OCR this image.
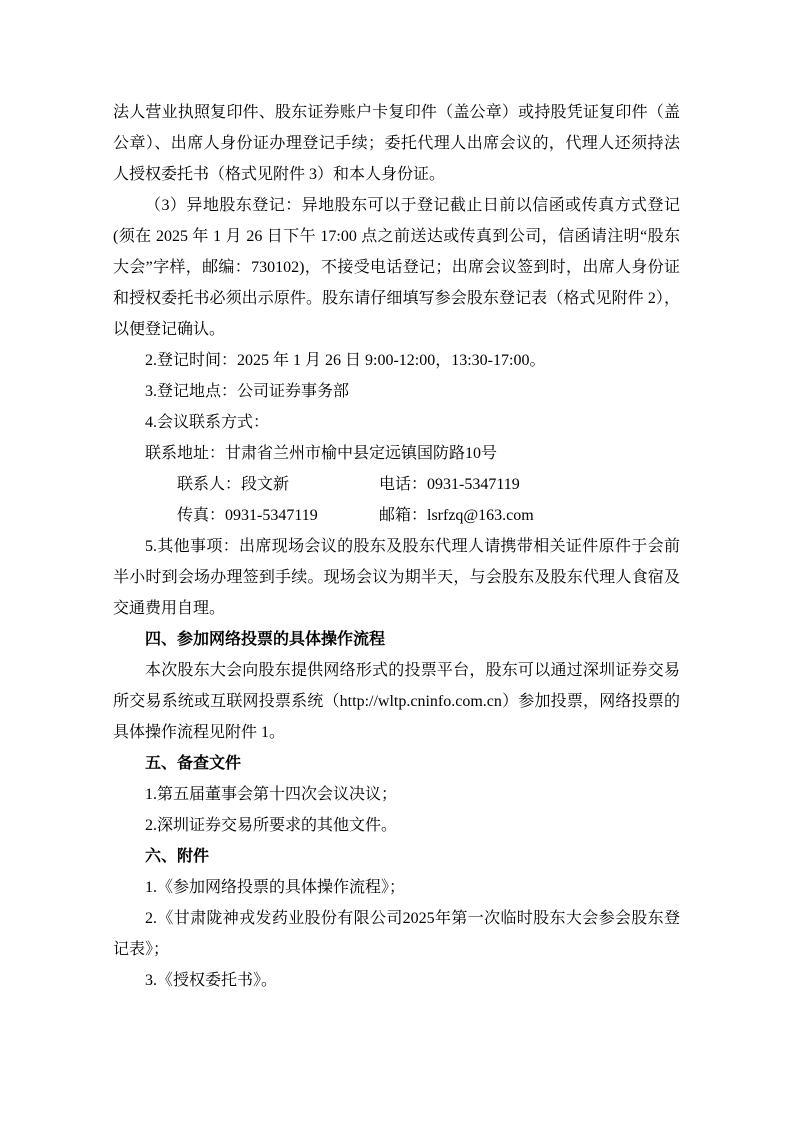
法人营业执照复印件、股东证券账户卡复印件（盖公章）或持股凭证复印件（盖公章）、出席人身份证办理登记手续；委托代理人出席会议的，代理人还须持法人授权委托书（格式见附件 3）和本人身份证。

（3）异地股东登记：异地股东可以于登记截止日前以信函或传真方式登记(须在 2025 年 1 月 26 日下午 17:00 点之前送达或传真到公司，信函请注明“股东大会”字样，邮编：730102)，不接受电话登记；出席会议签到时，出席人身份证和授权委托书必须出示原件。股东请仔细填写参会股东登记表（格式见附件 2），以便登记确认。

2.登记时间：2025 年 1 月 26 日 9:00-12:00，13:30-17:00。

3.登记地点：公司证券事务部

4.会议联系方式：

联系地址：甘肃省兰州市榆中县定远镇国防路10号

联系人：段文新	电话：0931-5347119

传真：0931-5347119	邮箱：lsrfzq@163.com

5.其他事项：出席现场会议的股东及股东代理人请携带相关证件原件于会前半小时到会场办理签到手续。现场会议为期半天，与会股东及股东代理人食宿及交通费用自理。

四、参加网络投票的具体操作流程

本次股东大会向股东提供网络形式的投票平台，股东可以通过深圳证券交易所交易系统或互联网投票系统（http://wltp.cninfo.com.cn）参加投票，网络投票的具体操作流程见附件 1。

五、备查文件

1.第五届董事会第十四次会议决议；

2.深圳证券交易所要求的其他文件。

六、附件

1.《参加网络投票的具体操作流程》；

2.《甘肃陇神戎发药业股份有限公司2025年第一次临时股东大会参会股东登记表》；

3.《授权委托书》。
